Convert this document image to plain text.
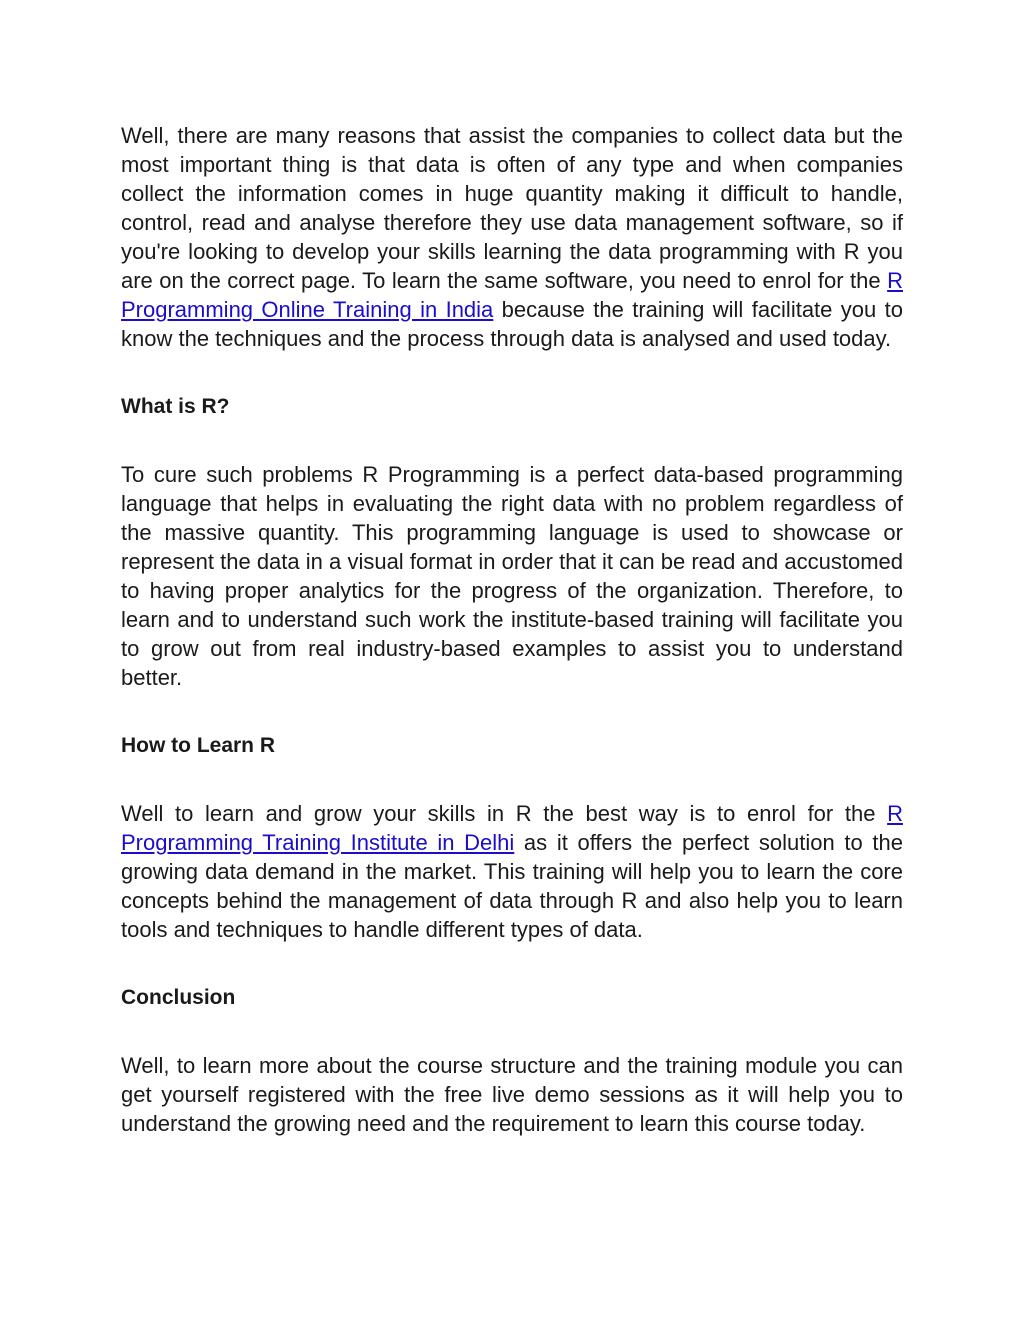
Well, there are many reasons that assist the companies to collect data but the most important thing is that data is often of any type and when companies collect the information comes in huge quantity making it difficult to handle, control, read and analyse therefore they use data management software, so if you're looking to develop your skills learning the data programming with R you are on the correct page. To learn the same software, you need to enrol for the R Programming Online Training in India because the training will facilitate you to know the techniques and the process through data is analysed and used today.

What is R?

To cure such problems R Programming is a perfect data-based programming language that helps in evaluating the right data with no problem regardless of the massive quantity. This programming language is used to showcase or represent the data in a visual format in order that it can be read and accustomed to having proper analytics for the progress of the organization. Therefore, to learn and to understand such work the institute-based training will facilitate you to grow out from real industry-based examples to assist you to understand better.

How to Learn R

Well to learn and grow your skills in R the best way is to enrol for the R Programming Training Institute in Delhi as it offers the perfect solution to the growing data demand in the market. This training will help you to learn the core concepts behind the management of data through R and also help you to learn tools and techniques to handle different types of data.

Conclusion

Well, to learn more about the course structure and the training module you can get yourself registered with the free live demo sessions as it will help you to understand the growing need and the requirement to learn this course today.
